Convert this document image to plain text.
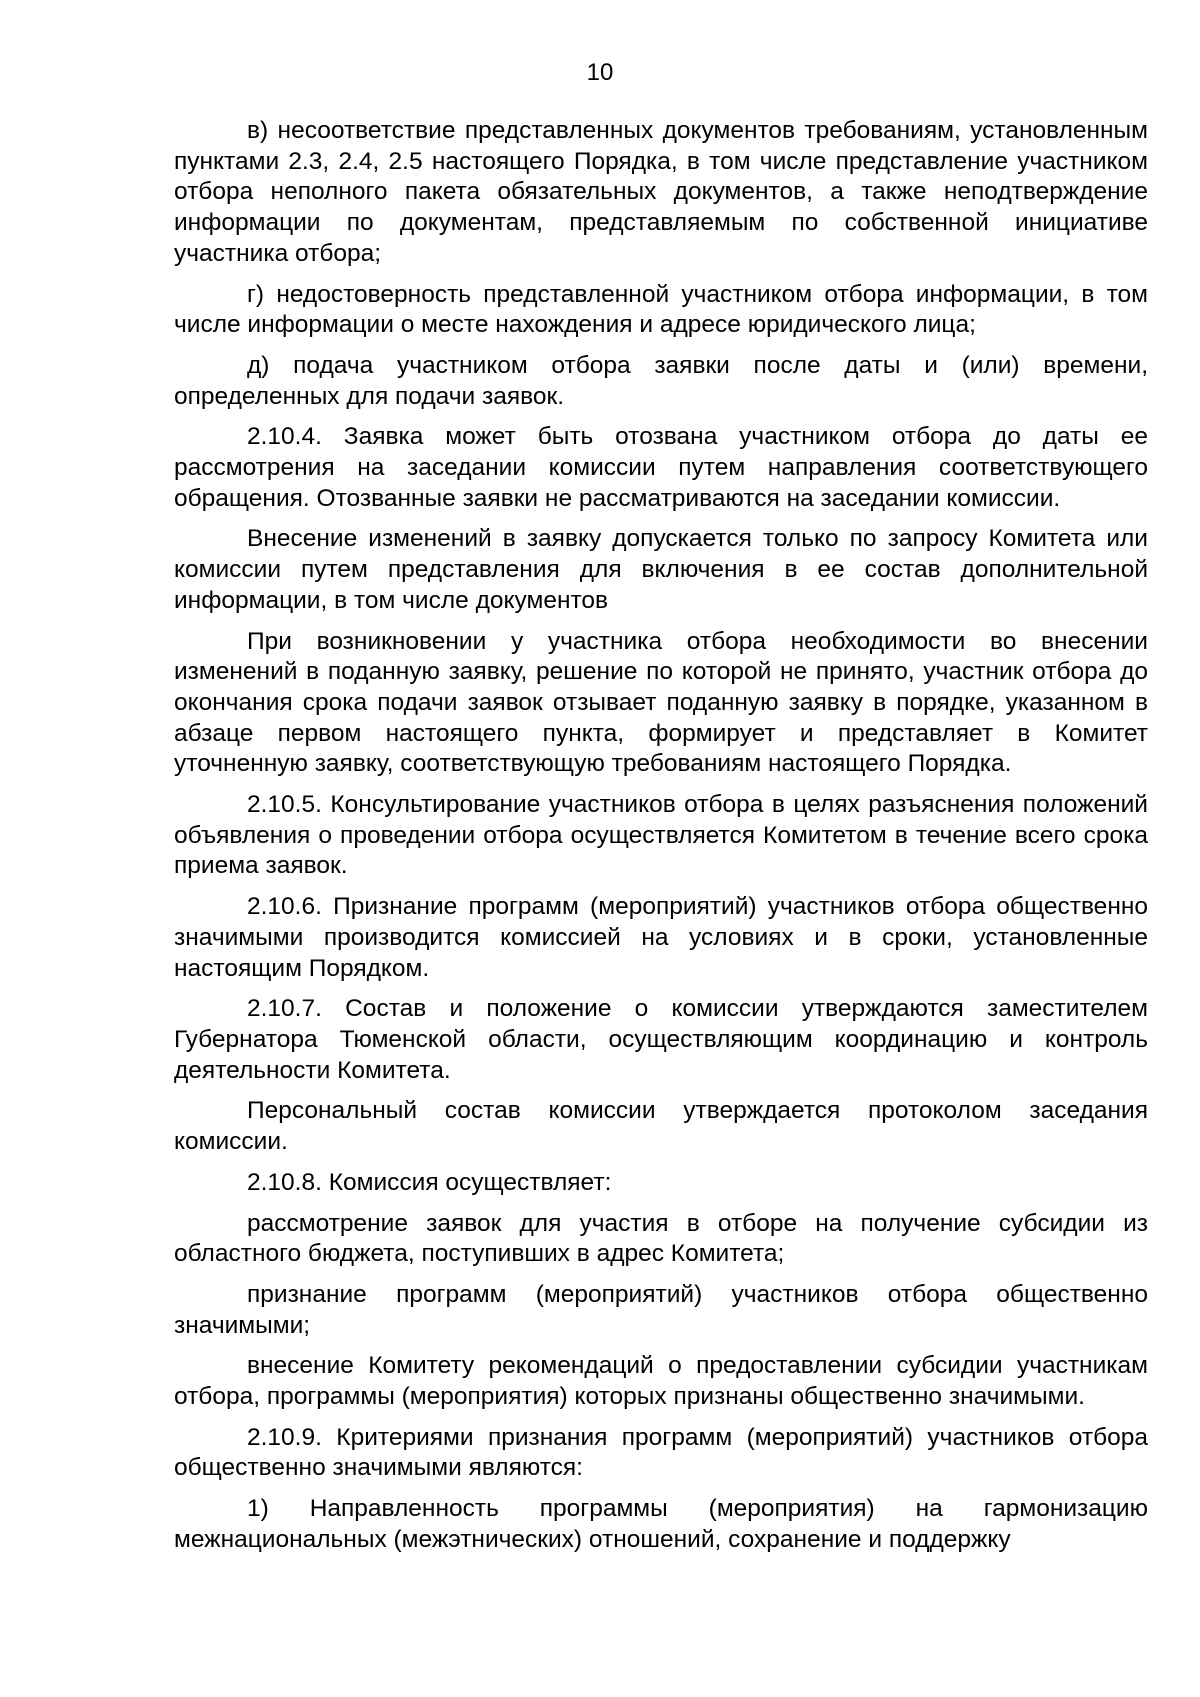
10

в) несоответствие представленных документов требованиям, установленным пунктами 2.3, 2.4, 2.5 настоящего Порядка, в том числе представление участником отбора неполного пакета обязательных документов, а также неподтверждение информации по документам, представляемым по собственной инициативе участника отбора;

г) недостоверность представленной участником отбора информации, в том числе информации о месте нахождения и адресе юридического лица;

д) подача участником отбора заявки после даты и (или) времени, определенных для подачи заявок.

2.10.4. Заявка может быть отозвана участником отбора до даты ее рассмотрения на заседании комиссии путем направления соответствующего обращения. Отозванные заявки не рассматриваются на заседании комиссии.

Внесение изменений в заявку допускается только по запросу Комитета или комиссии путем представления для включения в ее состав дополнительной информации, в том числе документов

При возникновении у участника отбора необходимости во внесении изменений в поданную заявку, решение по которой не принято, участник отбора до окончания срока подачи заявок отзывает поданную заявку в порядке, указанном в абзаце первом настоящего пункта, формирует и представляет в Комитет уточненную заявку, соответствующую требованиям настоящего Порядка.

2.10.5. Консультирование участников отбора в целях разъяснения положений объявления о проведении отбора осуществляется Комитетом в течение всего срока приема заявок.

2.10.6. Признание программ (мероприятий) участников отбора общественно значимыми производится комиссией на условиях и в сроки, установленные настоящим Порядком.

2.10.7. Состав и положение о комиссии утверждаются заместителем Губернатора Тюменской области, осуществляющим координацию и контроль деятельности Комитета.

Персональный состав комиссии утверждается протоколом заседания комиссии.

2.10.8. Комиссия осуществляет:

рассмотрение заявок для участия в отборе на получение субсидии из областного бюджета, поступивших в адрес Комитета;

признание программ (мероприятий) участников отбора общественно значимыми;

внесение Комитету рекомендаций о предоставлении субсидии участникам отбора, программы (мероприятия) которых признаны общественно значимыми.

2.10.9. Критериями признания программ (мероприятий) участников отбора общественно значимыми являются:

1) Направленность программы (мероприятия) на гармонизацию межнациональных (межэтнических) отношений, сохранение и поддержку
